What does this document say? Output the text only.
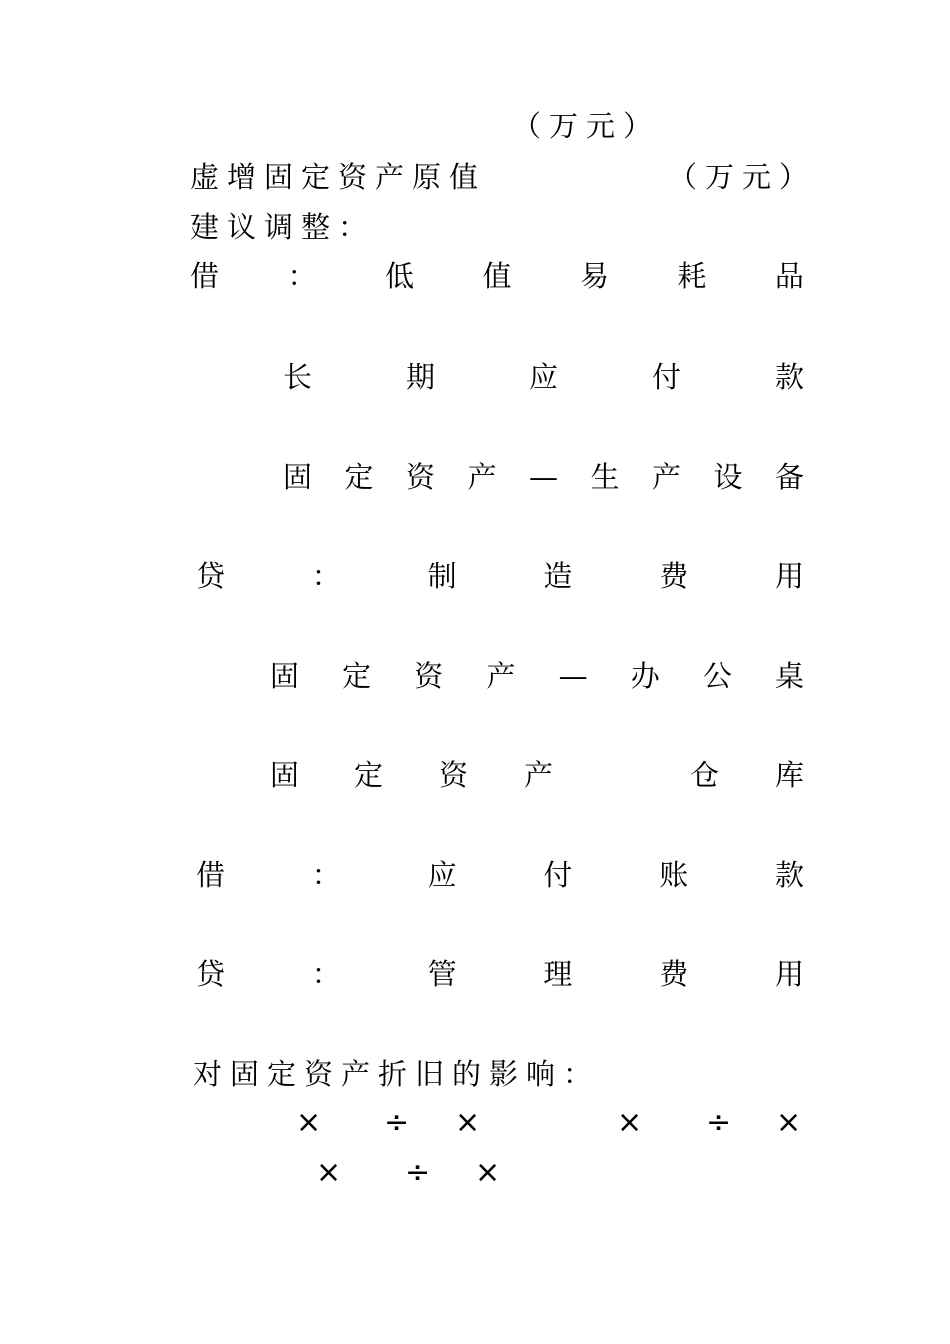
（万元）
虚增固定资产原值	（万元）
建议调整：
借 ： 低 值 易 耗 品
长	期	应	付	款
固 定 资 产 — 生 产 设 备
贷	：	制	造	费	用
固 定 资 产 — 办 公 桌
固 定 资 产	仓 库
借	：	应	付	账	款
贷	：	管	理	费	用
对固定资产折旧的影响：
× ÷ ×	× ÷ ×
× ÷ ×
